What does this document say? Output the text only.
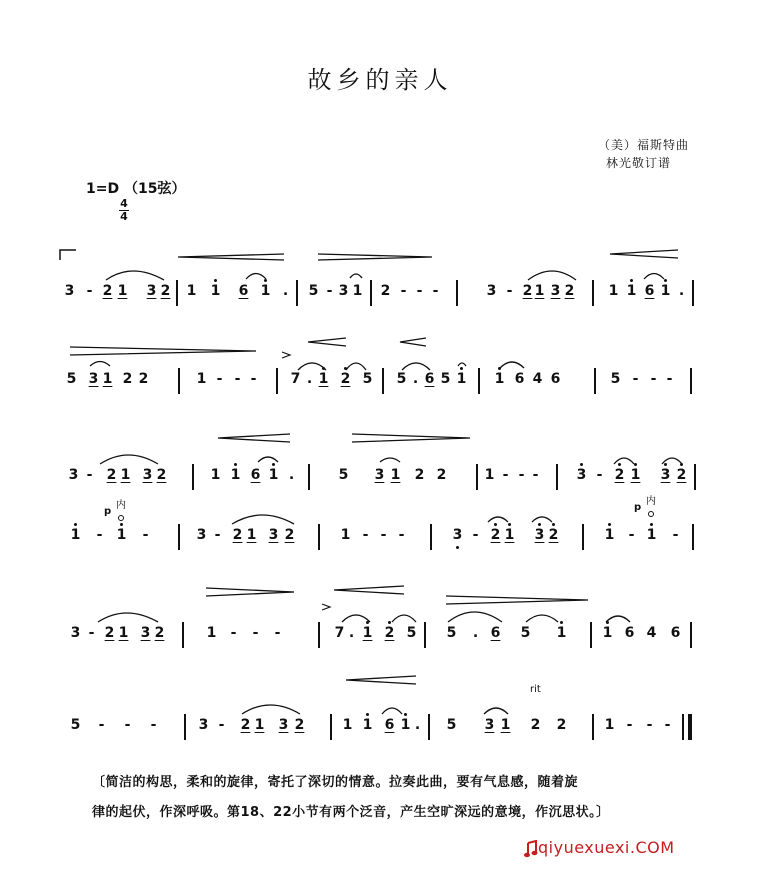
故乡的亲人
（美）福斯特曲
林光敬订谱
1=D （15弦）
4
4
3 - 2 1 3 2 1 1 6 1 . 5 - 3 1 2 - - -	3 - 2 1 3 2 1 1 6 1 .
5 3 1 2 2	1 - - - 7 . 1 2 5 5 . 6 5 1 1 6 4 6	5 - - -
3 - 2 1 3 2	1 1 6 1 .	5 3 1 2 2	1 - - -	3 - 2 1 3 2
p
内	p
内
1 - 1 -	3 - 2 1 3 2	1 - - -	3 - 2 1 3 2	1 - 1 -
3 - 2 1 3 2	1 - - -	7 . 1 2 5 5 . 6 5 1	1 6 4 6
rit
5 - - -	3 - 2 1 3 2	1 1 6 1 . 5 3 1 2 2	1 - - -
〔简洁的构思，柔和的旋律，寄托了深切的情意。拉奏此曲，要有气息感，随着旋
律的起伏，作深呼吸。第18、22小节有两个泛音，产生空旷深远的意境，作沉思状。〕
qiyuexuexi.COM
